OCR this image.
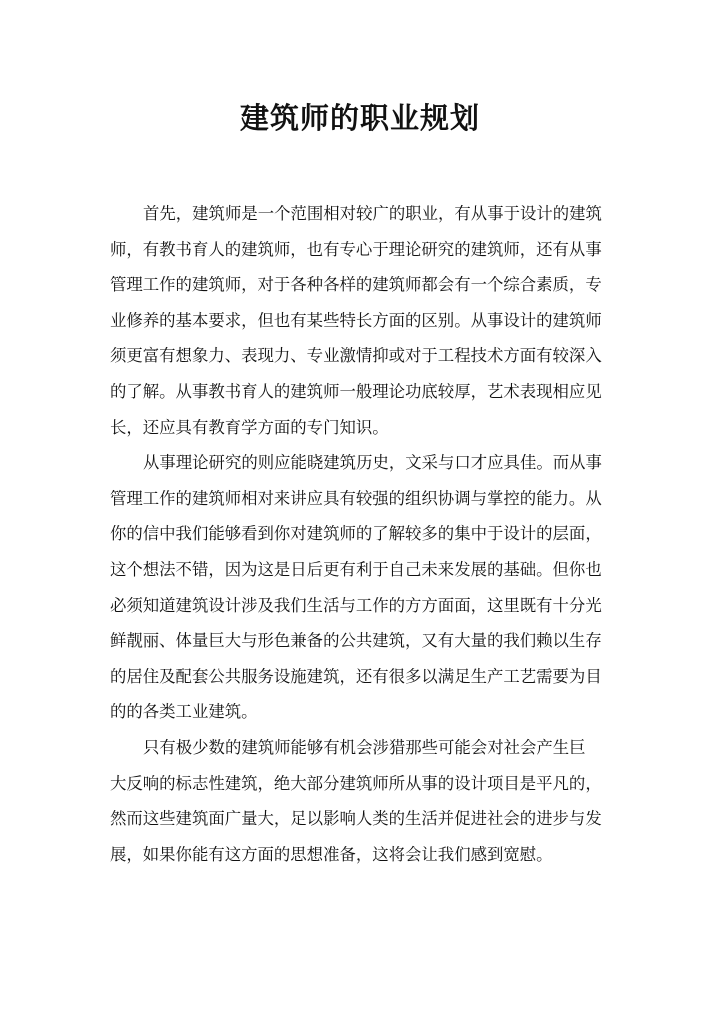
建筑师的职业规划

首先，建筑师是一个范围相对较广的职业，有从事于设计的建筑
师，有教书育人的建筑师，也有专心于理论研究的建筑师，还有从事
管理工作的建筑师，对于各种各样的建筑师都会有一个综合素质，专
业修养的基本要求，但也有某些特长方面的区别。从事设计的建筑师
须更富有想象力、表现力、专业激情抑或对于工程技术方面有较深入
的了解。从事教书育人的建筑师一般理论功底较厚，艺术表现相应见
长，还应具有教育学方面的专门知识。

从事理论研究的则应能晓建筑历史，文采与口才应具佳。而从事
管理工作的建筑师相对来讲应具有较强的组织协调与掌控的能力。从
你的信中我们能够看到你对建筑师的了解较多的集中于设计的层面，
这个想法不错，因为这是日后更有利于自己未来发展的基础。但你也
必须知道建筑设计涉及我们生活与工作的方方面面，这里既有十分光
鲜靓丽、体量巨大与形色兼备的公共建筑，又有大量的我们赖以生存
的居住及配套公共服务设施建筑，还有很多以满足生产工艺需要为目
的的各类工业建筑。

只有极少数的建筑师能够有机会涉猎那些可能会对社会产生巨
大反响的标志性建筑，绝大部分建筑师所从事的设计项目是平凡的，
然而这些建筑面广量大，足以影响人类的生活并促进社会的进步与发
展，如果你能有这方面的思想准备，这将会让我们感到宽慰。
